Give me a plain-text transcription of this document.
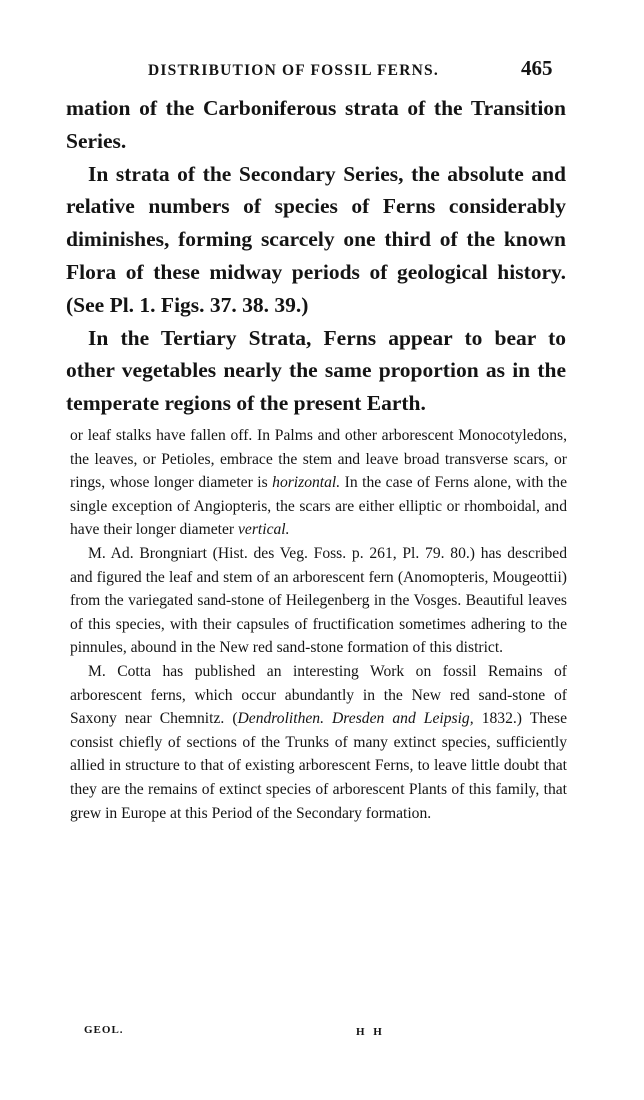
DISTRIBUTION OF FOSSIL FERNS.	465

mation of the Carboniferous strata of the Transition Series.

In strata of the Secondary Series, the absolute and relative numbers of species of Ferns considerably diminishes, forming scarcely one third of the known Flora of these midway periods of geological history. (See Pl. 1. Figs. 37. 38. 39.)

In the Tertiary Strata, Ferns appear to bear to other vegetables nearly the same proportion as in the temperate regions of the present Earth.

or leaf stalks have fallen off. In Palms and other arborescent Monocotyledons, the leaves, or Petioles, embrace the stem and leave broad transverse scars, or rings, whose longer diameter is horizontal. In the case of Ferns alone, with the single exception of Angiopteris, the scars are either elliptic or rhomboidal, and have their longer diameter vertical.

M. Ad. Brongniart (Hist. des Veg. Foss. p. 261, Pl. 79. 80.) has described and figured the leaf and stem of an arborescent fern (Anomopteris, Mougeottii) from the variegated sand-stone of Heilegenberg in the Vosges. Beautiful leaves of this species, with their capsules of fructification sometimes adhering to the pinnules, abound in the New red sand-stone formation of this district.

M. Cotta has published an interesting Work on fossil Remains of arborescent ferns, which occur abundantly in the New red sand-stone of Saxony near Chemnitz. (Dendrolithen. Dresden and Leipsig, 1832.) These consist chiefly of sections of the Trunks of many extinct species, sufficiently allied in structure to that of existing arborescent Ferns, to leave little doubt that they are the remains of extinct species of arborescent Plants of this family, that grew in Europe at this Period of the Secondary formation.

GEOL.	H H
